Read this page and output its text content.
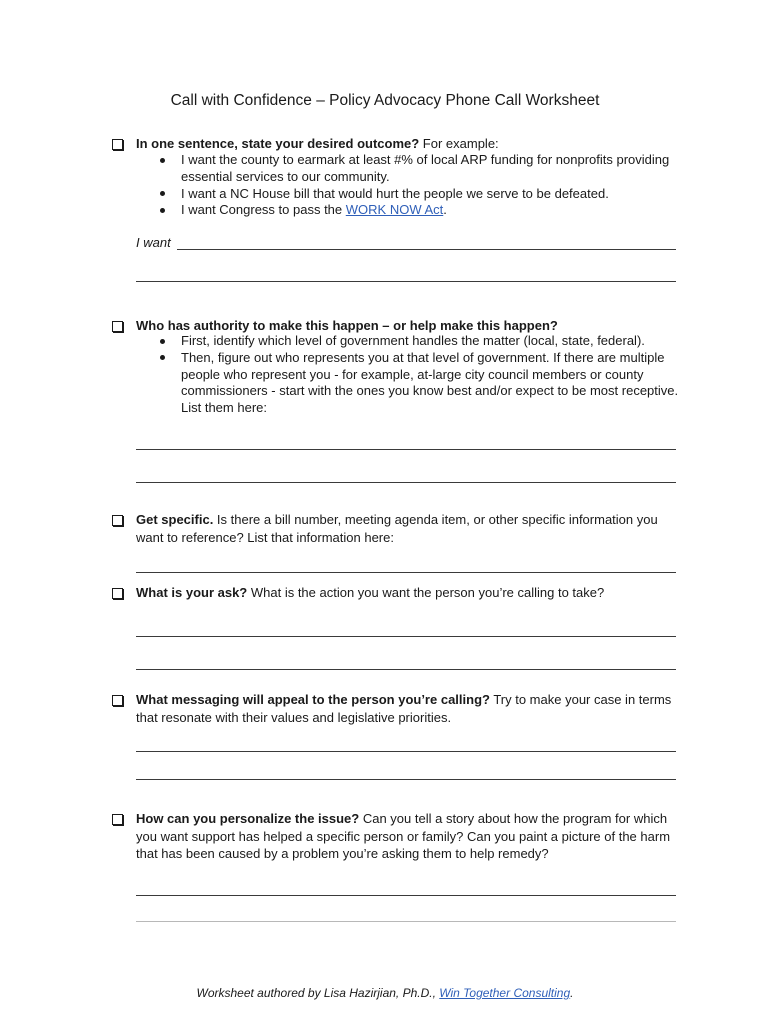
Call with Confidence – Policy Advocacy Phone Call Worksheet
In one sentence, state your desired outcome? For example:
I want the county to earmark at least #% of local ARP funding for nonprofits providing essential services to our community.
I want a NC House bill that would hurt the people we serve to be defeated.
I want Congress to pass the WORK NOW Act.
I want
Who has authority to make this happen – or help make this happen?
First, identify which level of government handles the matter (local, state, federal).
Then, figure out who represents you at that level of government. If there are multiple people who represent you - for example, at-large city council members or county commissioners - start with the ones you know best and/or expect to be most receptive. List them here:
Get specific. Is there a bill number, meeting agenda item, or other specific information you want to reference? List that information here:
What is your ask? What is the action you want the person you’re calling to take?
What messaging will appeal to the person you’re calling? Try to make your case in terms that resonate with their values and legislative priorities.
How can you personalize the issue? Can you tell a story about how the program for which you want support has helped a specific person or family? Can you paint a picture of the harm that has been caused by a problem you’re asking them to help remedy?
Worksheet authored by Lisa Hazirjian, Ph.D., Win Together Consulting.
